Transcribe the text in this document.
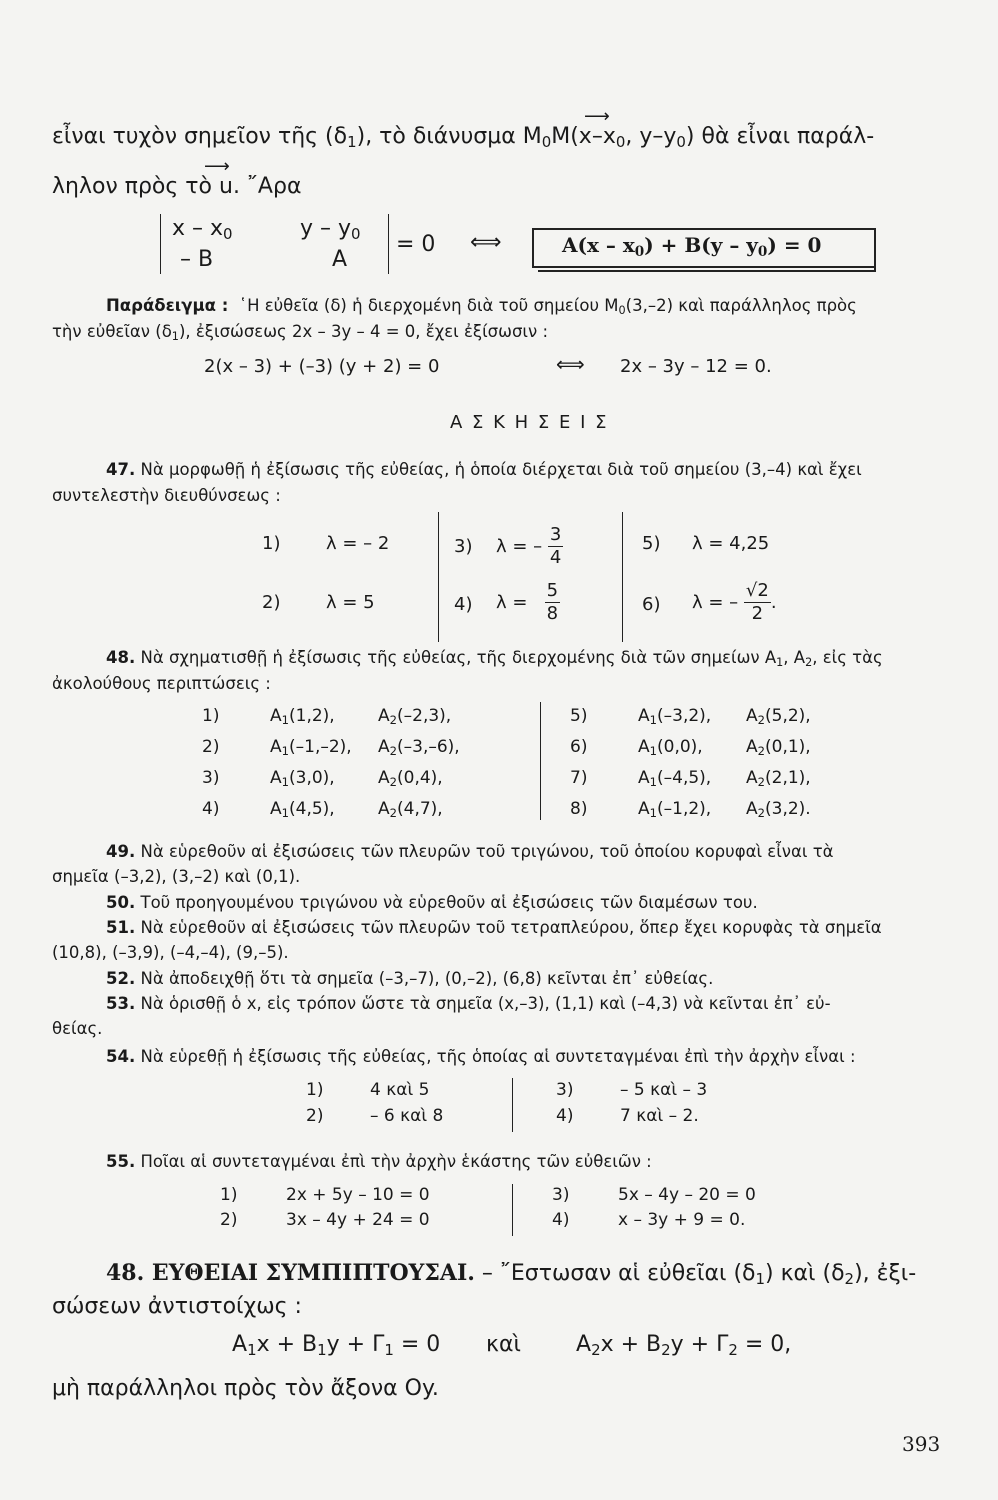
εἶναι τυχὸν σημεῖον τῆς $(\delta_1)$, τὸ διάνυσμα $M_0M(x-x_0$, $y-y_0$) θὰ εἶναι παράλ-
⟶
ληλον πρὸς τὸ u. ῎Αρα
⟶
x – $x_0$	y – $y_0$
– B	A
= 0 ⟺	$A(x - x_0) + B(y - y_0) = 0$
Παράδειγμα : ῾Η εὐθεῖα (δ) ἡ διερχομένη διὰ τοῦ σημείου $M_0(3,-2)$ καὶ παράλληλος πρὸς
τὴν εὐθεῖαν $(\delta_1)$, ἐξισώσεως 2x – 3y – 4 = 0, ἔχει ἐξίσωσιν :
2(x – 3) + (–3) (y + 2) = 0	⟺ 2x – 3y – 12 = 0.
Α Σ Κ Η Σ Ε Ι Σ
47. Νὰ μορφωθῇ ἡ ἐξίσωσις τῆς εὐθείας, ἡ ὁποία διέρχεται διὰ τοῦ σημείου (3,–4) καὶ ἔχει
συντελεστὴν διευθύνσεως :
1)	λ = – 2
2)	λ = 5
3) λ = – $\frac{3}{4}$
4) $\lambda = \frac{5}{8}$
5) λ = 4,25
6) λ = – $\frac{√2}{2}$ .
48. Νὰ σχηματισθῇ ἡ ἐξίσωσις τῆς εὐθείας, τῆς διερχομένης διὰ τῶν σημείων $A_1$, $A_2$, εἰς τὰς
ἀκολούθους περιπτώσεις :
1)	$A_1(1,2)$,	$A_2(-2,3)$,
2)	$A_1(-1,-2)$, $A_2(-3,-6)$,
3)	$A_1(3,0)$,	$A_2(0,4)$,
4)	$A_1(4,5)$,	$A_2(4,7)$,
5)	$A_1(-3,2)$, $A_2(5,2)$,
6)	$A_1(0,0)$,	$A_2(0,1)$,
7)	$A_1(-4,5)$, $A_2(2,1)$,
8)	$A_1(-1,2)$, $A_2(3,2)$.
49. Νὰ εὑρεθοῦν αἱ ἐξισώσεις τῶν πλευρῶν τοῦ τριγώνου, τοῦ ὁποίου κορυφαὶ εἶναι τὰ
σημεῖα (–3,2), (3,–2) καὶ (0,1).
50. Τοῦ προηγουμένου τριγώνου νὰ εὑρεθοῦν αἱ ἐξισώσεις τῶν διαμέσων του.
51. Νὰ εὑρεθοῦν αἱ ἐξισώσεις τῶν πλευρῶν τοῦ τετραπλεύρου, ὅπερ ἔχει κορυφὰς τὰ σημεῖα
(10,8), (–3,9), (–4,–4), (9,–5).
52. Νὰ ἀποδειχθῇ ὅτι τὰ σημεῖα (–3,–7), (0,–2), (6,8) κεῖνται ἐπ᾽ εὐθείας.
53. Νὰ ὁρισθῇ ὁ x, εἰς τρόπον ὥστε τὰ σημεῖα (x,–3), (1,1) καὶ (–4,3) νὰ κεῖνται ἐπ᾽ εὐ-
θείας.
54. Νὰ εὑρεθῇ ἡ ἐξίσωσις τῆς εὐθείας, τῆς ὁποίας αἱ συντεταγμέναι ἐπὶ τὴν ἀρχὴν εἶναι :
1)	4 καὶ 5
2)	– 6 καὶ 8
3)	– 5 καὶ – 3
4)	7 καὶ – 2.
55. Ποῖαι αἱ συντεταγμέναι ἐπὶ τὴν ἀρχὴν ἑκάστης τῶν εὐθειῶν :
1)	2x + 5y – 10 = 0
2)	3x – 4y + 24 = 0
3)	5x – 4y – 20 = 0
4)	x – 3y + 9 = 0.
48. ΕΥΘΕΙΑΙ ΣΥΜΠΙΠΤΟΥΣΑΙ. – ῎Εστωσαν αἱ εὐθεῖαι $(\delta_1)$ καὶ $(\delta_2)$, ἐξι-
σώσεων ἀντιστοίχως :
$A_1x + B_1y + \Gamma_1 = 0$ καὶ	$A_2x + B_2y + \Gamma_2 = 0$,
μὴ παράλληλοι πρὸς τὸν ἄξονα Oy.
393
